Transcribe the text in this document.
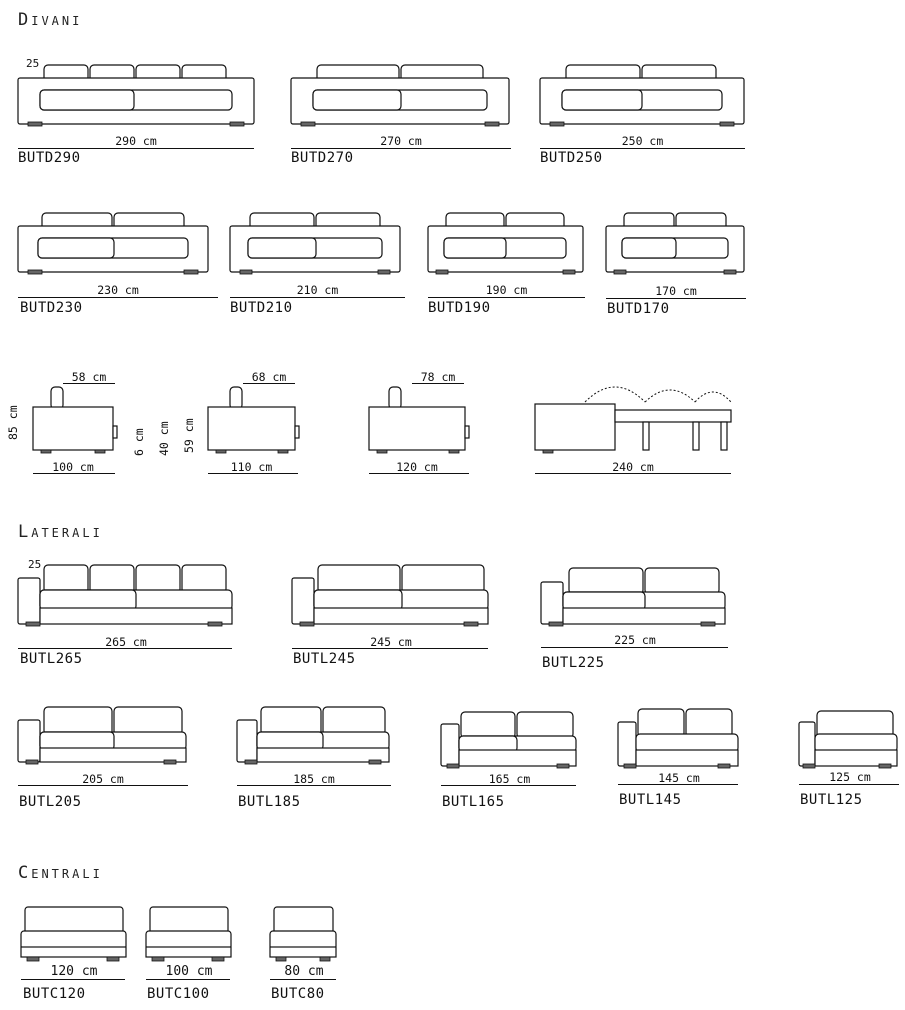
Divani
Laterali
Centrali
25
290 cm
BUTD290
270 cm
BUTD270
250 cm
BUTD250
230 cm
BUTD230
210 cm
BUTD210
190 cm
BUTD190
170 cm
BUTD170
85 cm
58 cm
100 cm
6 cm 40 cm 59 cm
68 cm
110 cm
78 cm
120 cm	240 cm
25
265 cm
BUTL265
245 cm
BUTL245
225 cm
BUTL225
205 cm
BUTL205
185 cm
BUTL185
165 cm
BUTL165
145 cm
BUTL145
125 cm
BUTL125
120 cm
BUTC120
100 cm
BUTC100
80 cm
BUTC80
